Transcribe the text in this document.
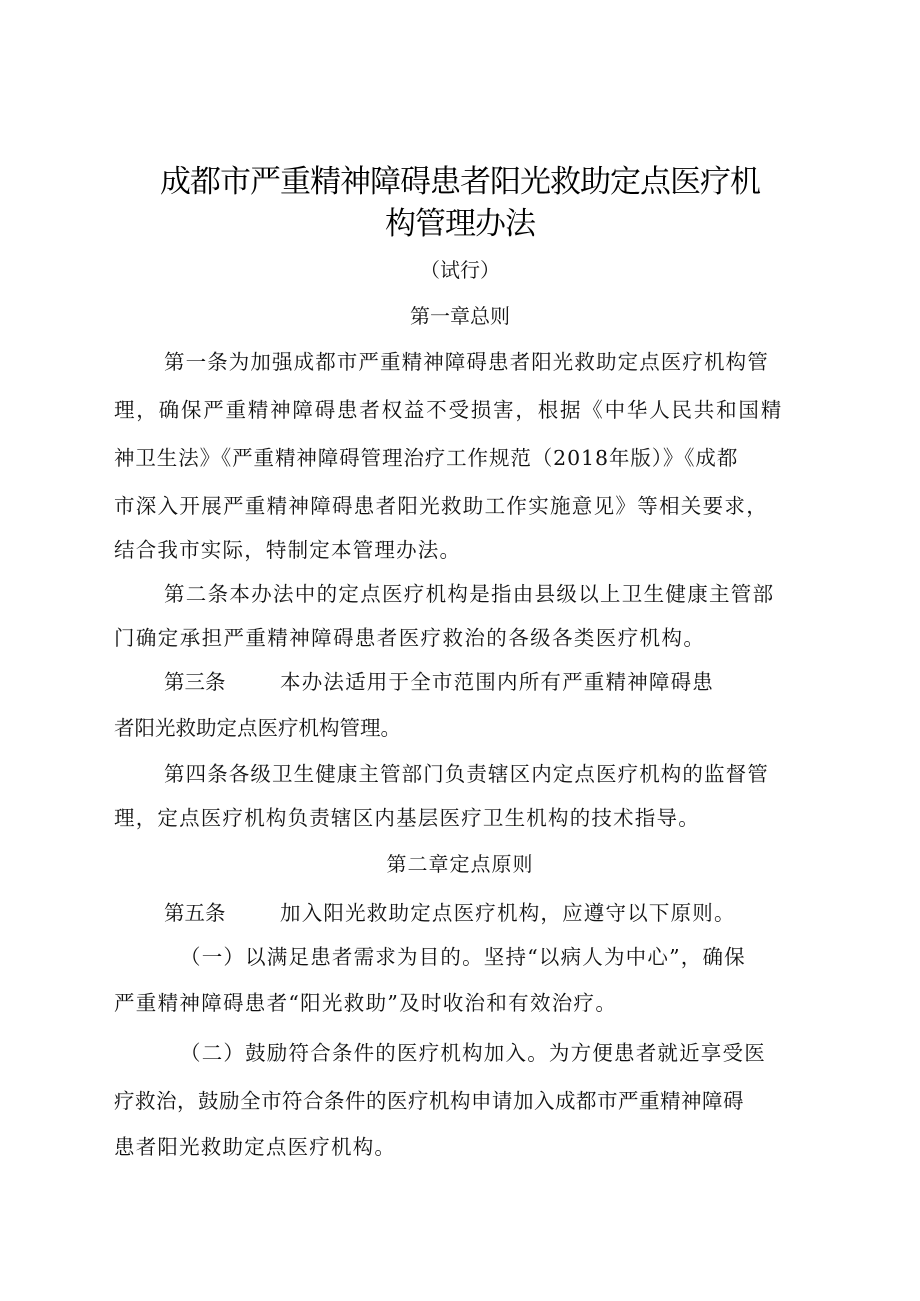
成都市严重精神障碍患者阳光救助定点医疗机
构管理办法
（试行）
第一章总则
第一条为加强成都市严重精神障碍患者阳光救助定点医疗机构管
理，确保严重精神障碍患者权益不受损害，根据《中华人民共和国精
神卫生法》《严重精神障碍管理治疗工作规范（2018年版）》《成都
市深入开展严重精神障碍患者阳光救助工作实施意见》等相关要求，
结合我市实际，特制定本管理办法。
第二条本办法中的定点医疗机构是指由县级以上卫生健康主管部
门确定承担严重精神障碍患者医疗救治的各级各类医疗机构。
第三条	本办法适用于全市范围内所有严重精神障碍患
者阳光救助定点医疗机构管理。
第四条各级卫生健康主管部门负责辖区内定点医疗机构的监督管
理，定点医疗机构负责辖区内基层医疗卫生机构的技术指导。
第二章定点原则
第五条	加入阳光救助定点医疗机构，应遵守以下原则。
（一）以满足患者需求为目的。坚持“以病人为中心”，确保
严重精神障碍患者“阳光救助”及时收治和有效治疗。
（二）鼓励符合条件的医疗机构加入。为方便患者就近享受医
疗救治，鼓励全市符合条件的医疗机构申请加入成都市严重精神障碍
患者阳光救助定点医疗机构。
